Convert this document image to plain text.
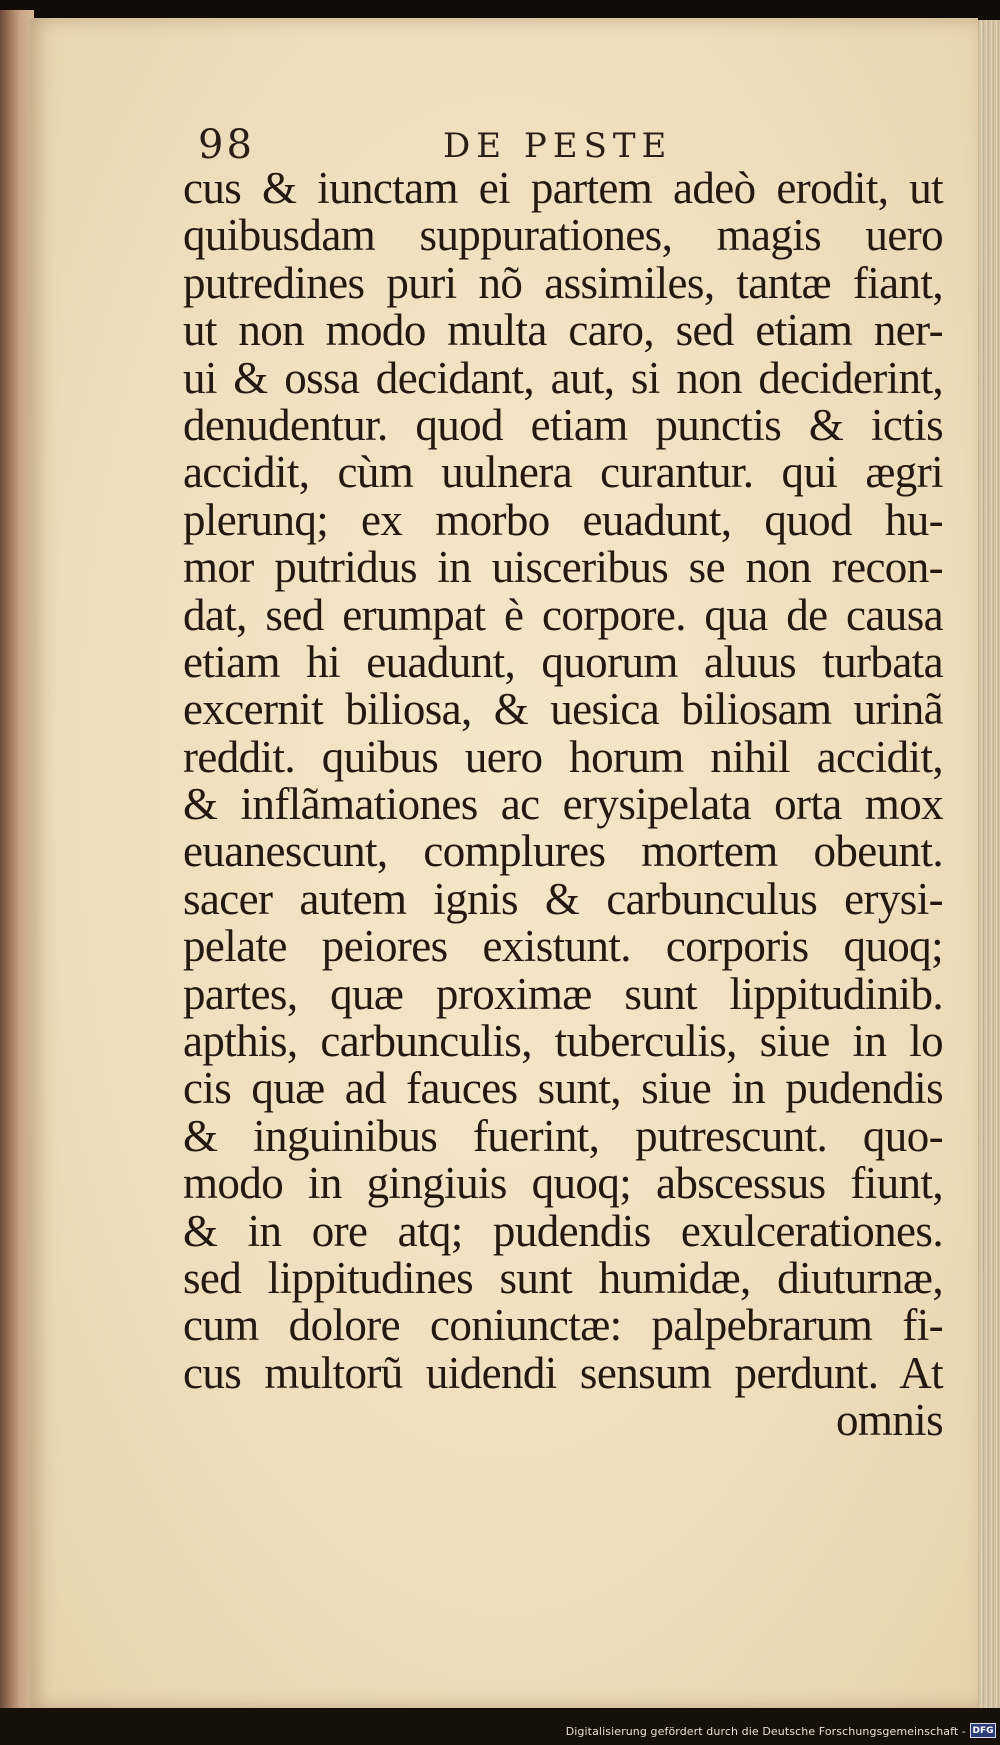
98	DE PESTE
cus & iunctam ei partem adeò erodit, ut
quibusdam suppurationes, magis uero
putredines puri nõ assimiles, tantæ fiant,
ut non modo multa caro, sed etiam ner-
ui & ossa decidant, aut, si non deciderint,
denudentur. quod etiam punctis & ictis
accidit, cùm uulnera curantur. qui ægri
plerunq; ex morbo euadunt, quod hu-
mor putridus in uisceribus se non recon-
dat, sed erumpat è corpore. qua de causa
etiam hi euadunt, quorum aluus turbata
excernit biliosa, & uesica biliosam urinã
reddit. quibus uero horum nihil accidit,
& inflãmationes ac erysipelata orta mox
euanescunt, complures mortem obeunt.
sacer autem ignis & carbunculus erysi-
pelate peiores existunt. corporis quoq;
partes, quæ proximæ sunt lippitudinib.
apthis, carbunculis, tuberculis, siue in lo
cis quæ ad fauces sunt, siue in pudendis
& inguinibus fuerint, putrescunt. quo-
modo in gingiuis quoq; abscessus fiunt,
& in ore atq; pudendis exulcerationes.
sed lippitudines sunt humidæ, diuturnæ,
cum dolore coniunctæ: palpebrarum fi-
cus multorũ uidendi sensum perdunt. At
omnis
Digitalisierung gefördert durch die Deutsche Forschungsgemeinschaft - DFG
